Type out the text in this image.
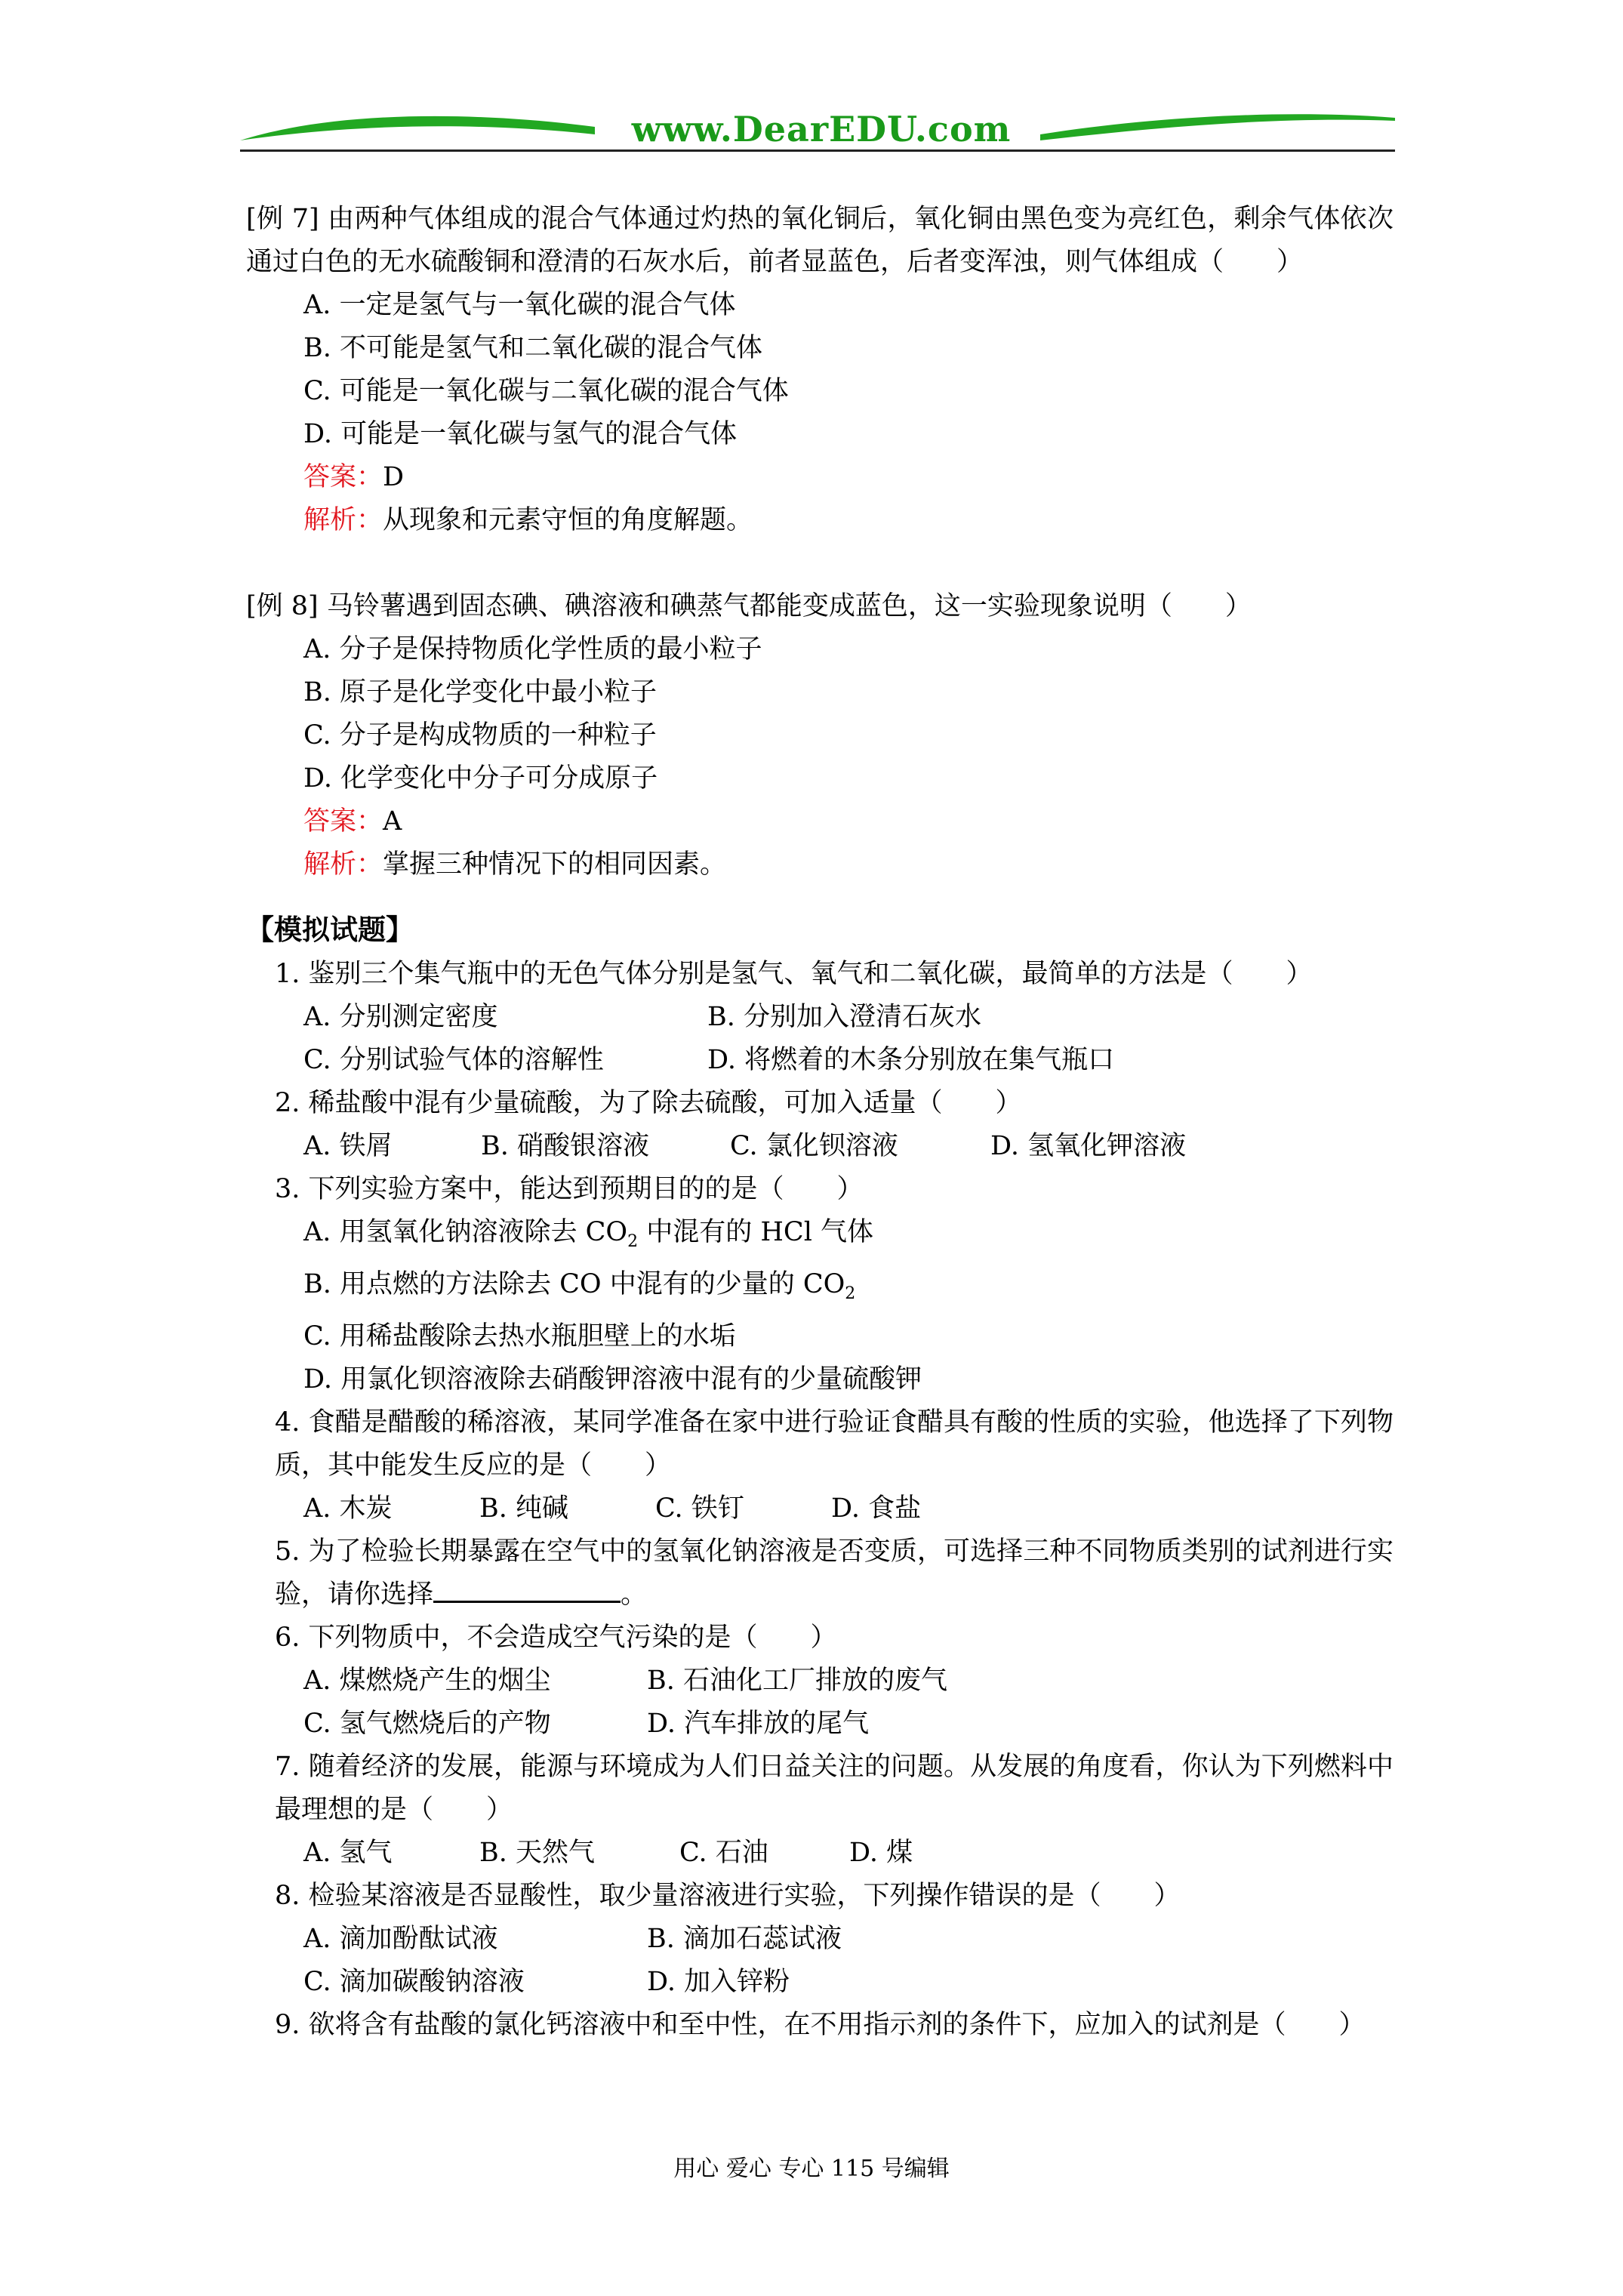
www.DearEDU.com
[例 7] 由两种气体组成的混合气体通过灼热的氧化铜后，氧化铜由黑色变为亮红色，剩余气体依次通过白色的无水硫酸铜和澄清的石灰水后，前者显蓝色，后者变浑浊，则气体组成（　　）
A. 一定是氢气与一氧化碳的混合气体
B. 不可能是氢气和二氧化碳的混合气体
C. 可能是一氧化碳与二氧化碳的混合气体
D. 可能是一氧化碳与氢气的混合气体
答案：D
解析：从现象和元素守恒的角度解题。
[例 8] 马铃薯遇到固态碘、碘溶液和碘蒸气都能变成蓝色，这一实验现象说明（　　）
A. 分子是保持物质化学性质的最小粒子
B. 原子是化学变化中最小粒子
C. 分子是构成物质的一种粒子
D. 化学变化中分子可分成原子
答案：A
解析：掌握三种情况下的相同因素。
【模拟试题】
1. 鉴别三个集气瓶中的无色气体分别是氢气、氧气和二氧化碳，最简单的方法是（　　）
A. 分别测定密度	B. 分别加入澄清石灰水
C. 分别试验气体的溶解性	D. 将燃着的木条分别放在集气瓶口
2. 稀盐酸中混有少量硫酸，为了除去硫酸，可加入适量（　　）
A. 铁屑	B. 硝酸银溶液	C. 氯化钡溶液	D. 氢氧化钾溶液
3. 下列实验方案中，能达到预期目的的是（　　）
A. 用氢氧化钠溶液除去 $CO_2$ 中混有的 HCl 气体
B. 用点燃的方法除去 CO 中混有的少量的 $CO_2$
C. 用稀盐酸除去热水瓶胆壁上的水垢
D. 用氯化钡溶液除去硝酸钾溶液中混有的少量硫酸钾
4. 食醋是醋酸的稀溶液，某同学准备在家中进行验证食醋具有酸的性质的实验，他选择了下列物质，其中能发生反应的是（　　）
A. 木炭	B. 纯碱	C. 铁钉	D. 食盐
5. 为了检验长期暴露在空气中的氢氧化钠溶液是否变质，可选择三种不同物质类别的试剂进行实验，请你选择	。
6. 下列物质中，不会造成空气污染的是（　　）
A. 煤燃烧产生的烟尘	B. 石油化工厂排放的废气
C. 氢气燃烧后的产物	D. 汽车排放的尾气
7. 随着经济的发展，能源与环境成为人们日益关注的问题。从发展的角度看，你认为下列燃料中最理想的是（　　）
A. 氢气	B. 天然气	C. 石油	D. 煤
8. 检验某溶液是否显酸性，取少量溶液进行实验，下列操作错误的是（　　）
A. 滴加酚酞试液	B. 滴加石蕊试液
C. 滴加碳酸钠溶液	D. 加入锌粉
9. 欲将含有盐酸的氯化钙溶液中和至中性，在不用指示剂的条件下，应加入的试剂是（　　）
用心 爱心 专心 115 号编辑
